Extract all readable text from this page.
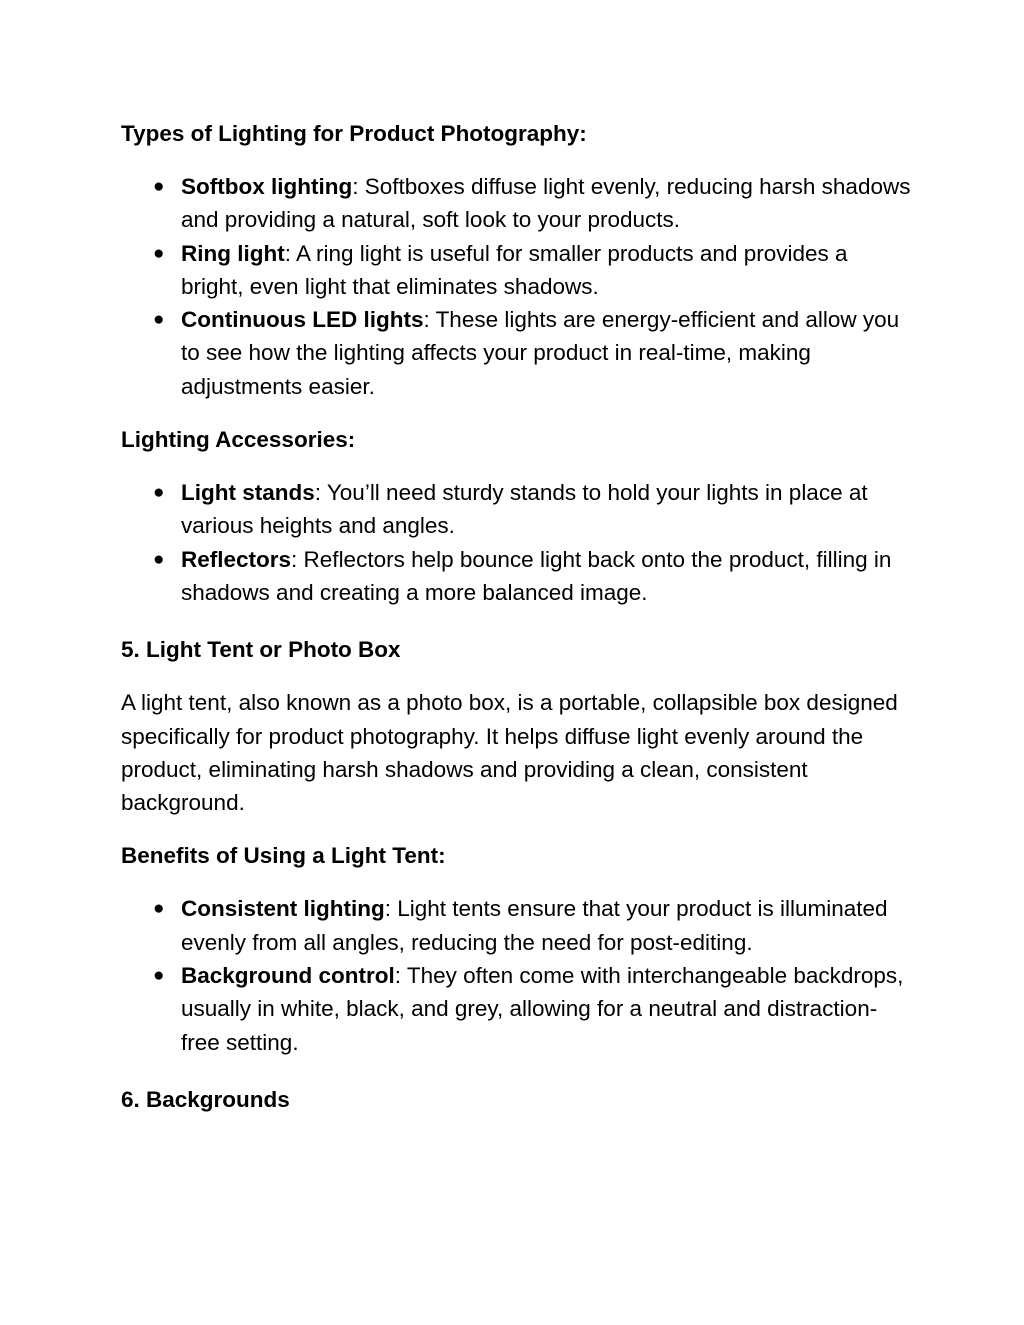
Types of Lighting for Product Photography:
● Softbox lighting: Softboxes diffuse light evenly, reducing harsh shadows and providing a natural, soft look to your products.
● Ring light: A ring light is useful for smaller products and provides a bright, even light that eliminates shadows.
● Continuous LED lights: These lights are energy-efficient and allow you to see how the lighting affects your product in real-time, making adjustments easier.
Lighting Accessories:
● Light stands: You’ll need sturdy stands to hold your lights in place at various heights and angles.
● Reflectors: Reflectors help bounce light back onto the product, filling in shadows and creating a more balanced image.
5. Light Tent or Photo Box

A light tent, also known as a photo box, is a portable, collapsible box designed specifically for product photography. It helps diffuse light evenly around the product, eliminating harsh shadows and providing a clean, consistent background.

Benefits of Using a Light Tent:
● Consistent lighting: Light tents ensure that your product is illuminated evenly from all angles, reducing the need for post-editing.
● Background control: They often come with interchangeable backdrops, usually in white, black, and grey, allowing for a neutral and distraction-free setting.
6. Backgrounds
